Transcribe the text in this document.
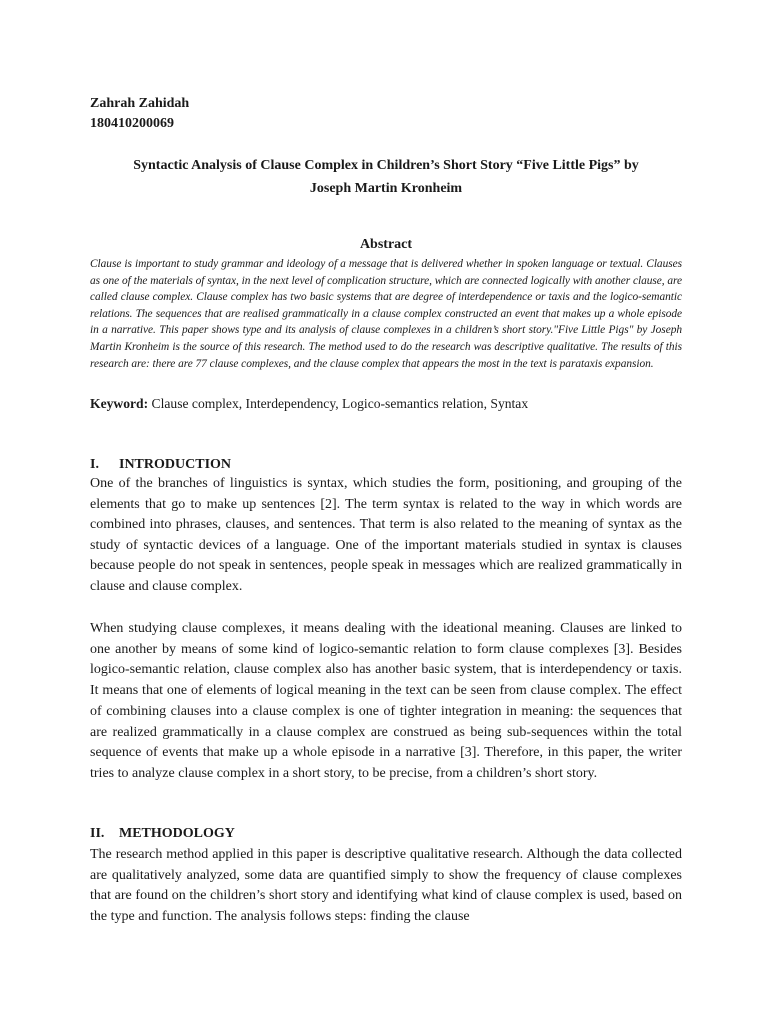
Zahrah Zahidah
180410200069
Syntactic Analysis of Clause Complex in Children’s Short Story “Five Little Pigs” by
Joseph Martin Kronheim
Abstract
Clause is important to study grammar and ideology of a message that is delivered whether in spoken language or textual. Clauses as one of the materials of syntax, in the next level of complication structure, which are connected logically with another clause, are called clause complex. Clause complex has two basic systems that are degree of interdependence or taxis and the logico-semantic relations. The sequences that are realised grammatically in a clause complex constructed an event that makes up a whole episode in a narrative. This paper shows type and its analysis of clause complexes in a children’s short story."Five Little Pigs" by Joseph Martin Kronheim is the source of this research. The method used to do the research was descriptive qualitative. The results of this research are: there are 77 clause complexes, and the clause complex that appears the most in the text is parataxis expansion.
Keyword: Clause complex, Interdependency, Logico-semantics relation, Syntax
I. INTRODUCTION
One of the branches of linguistics is syntax, which studies the form, positioning, and grouping of the elements that go to make up sentences [2]. The term syntax is related to the way in which words are combined into phrases, clauses, and sentences. That term is also related to the meaning of syntax as the study of syntactic devices of a language. One of the important materials studied in syntax is clauses because people do not speak in sentences, people speak in messages which are realized grammatically in clause and clause complex.
When studying clause complexes, it means dealing with the ideational meaning. Clauses are linked to one another by means of some kind of logico-semantic relation to form clause complexes [3]. Besides logico-semantic relation, clause complex also has another basic system, that is interdependency or taxis. It means that one of elements of logical meaning in the text can be seen from clause complex. The effect of combining clauses into a clause complex is one of tighter integration in meaning: the sequences that are realized grammatically in a clause complex are construed as being sub-sequences within the total sequence of events that make up a whole episode in a narrative [3]. Therefore, in this paper, the writer tries to analyze clause complex in a short story, to be precise, from a children’s short story.
II. METHODOLOGY
The research method applied in this paper is descriptive qualitative research. Although the data collected are qualitatively analyzed, some data are quantified simply to show the frequency of clause complexes that are found on the children’s short story and identifying what kind of clause complex is used, based on the type and function. The analysis follows steps: finding the clause
